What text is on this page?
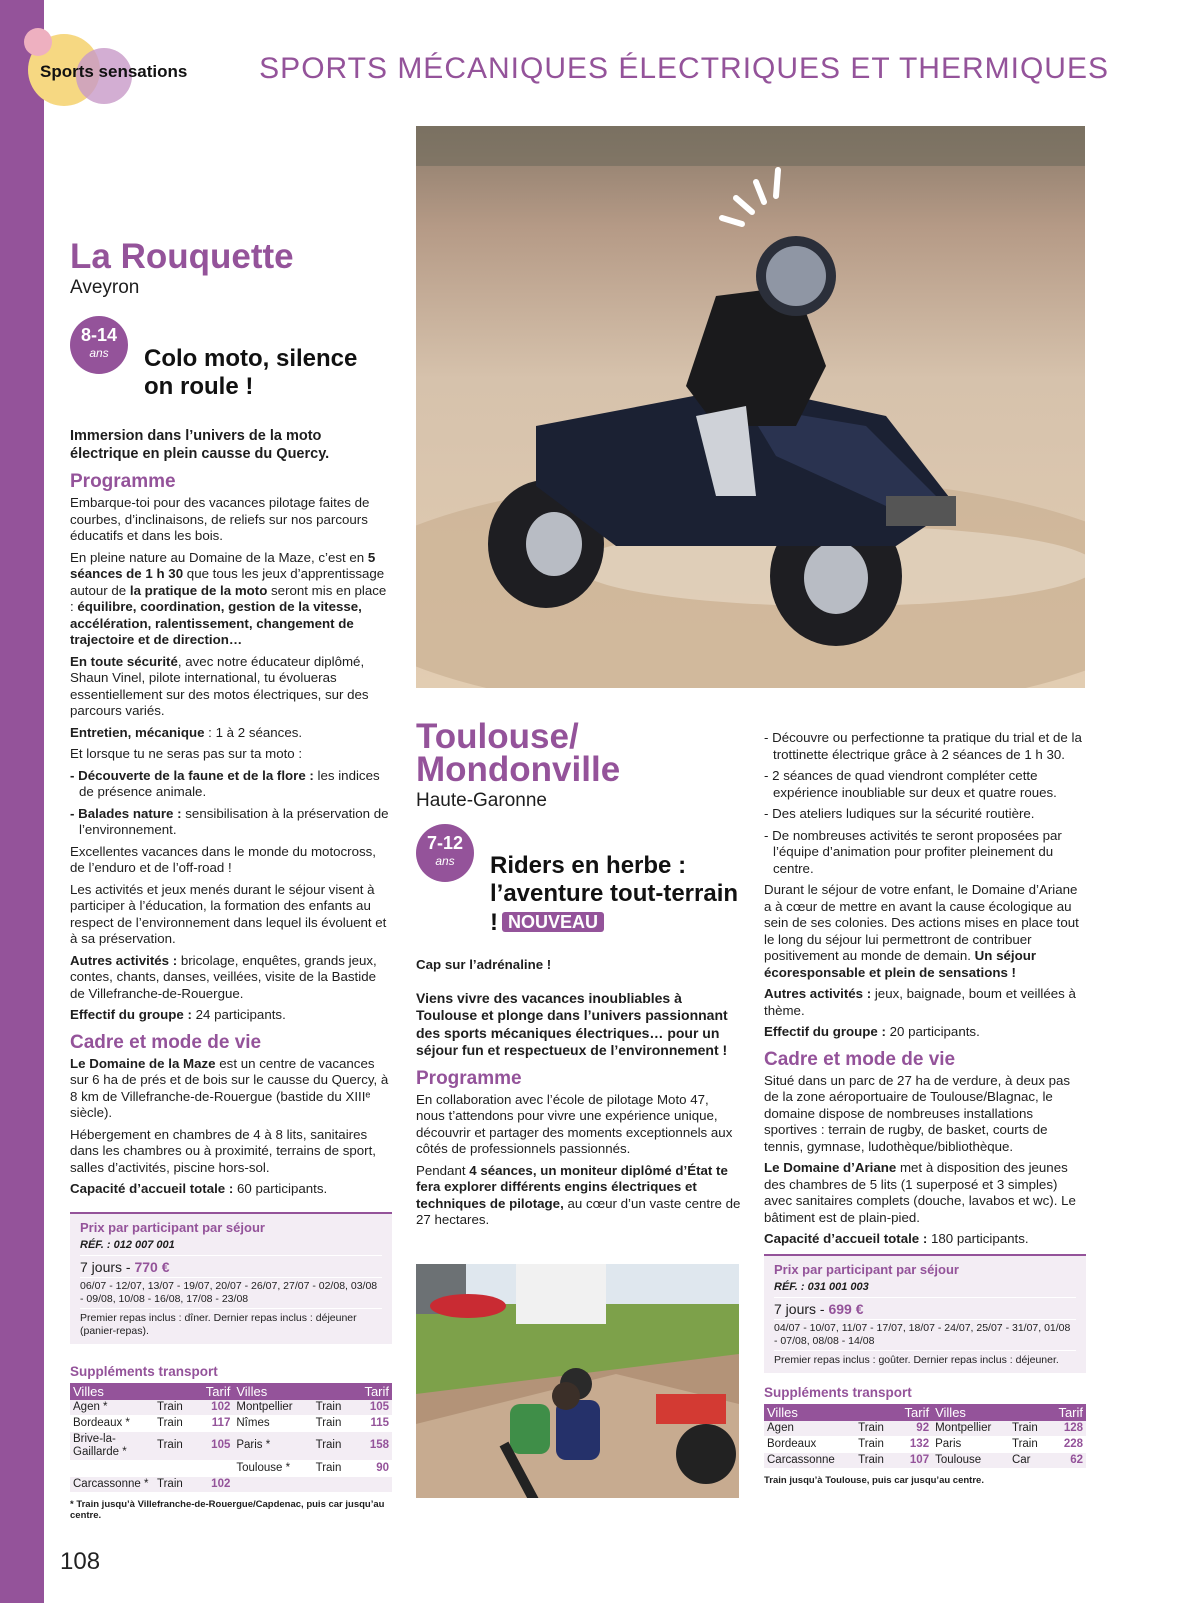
Sports sensations SPORTS MÉCANIQUES ÉLECTRIQUES ET THERMIQUES
La Rouquette
Aveyron
8-14
ans	Colo moto, silence on roule !
Immersion dans l’univers de la moto électrique en plein causse du Quercy.
Programme
Embarque-toi pour des vacances pilotage faites de courbes, d’inclinaisons, de reliefs sur nos parcours éducatifs et dans les bois.
En pleine nature au Domaine de la Maze, c’est en 5 séances de 1 h 30 que tous les jeux d’apprentissage autour de la pratique de la moto seront mis en place : équilibre, coordination, gestion de la vitesse, accélération, ralentissement, changement de trajectoire et de direction…
En toute sécurité, avec notre éducateur diplômé, Shaun Vinel, pilote international, tu évolueras essentiellement sur des motos électriques, sur des parcours variés.
Entretien, mécanique : 1 à 2 séances.
Et lorsque tu ne seras pas sur ta moto :
- Découverte de la faune et de la flore : les indices de présence animale.
- Balades nature : sensibilisation à la préservation de l’environnement.
Excellentes vacances dans le monde du motocross, de l’enduro et de l’off-road !
Les activités et jeux menés durant le séjour visent à participer à l’éducation, la formation des enfants au respect de l’environnement dans lequel ils évoluent et à sa préservation.
Autres activités : bricolage, enquêtes, grands jeux, contes, chants, danses, veillées, visite de la Bastide de Villefranche-de-Rouergue.
Effectif du groupe : 24 participants.
Cadre et mode de vie
Le Domaine de la Maze est un centre de vacances sur 6 ha de prés et de bois sur le causse du Quercy, à 8 km de Villefranche-de-Rouergue (bastide du XIIIᵉ siècle).
Hébergement en chambres de 4 à 8 lits, sanitaires dans les chambres ou à proximité, terrains de sport, salles d’activités, piscine hors-sol.
Capacité d’accueil totale : 60 participants.
Prix par participant par séjour
RÉF. : 012 007 001
7 jours - 770 €
06/07 - 12/07, 13/07 - 19/07, 20/07 - 26/07, 27/07 - 02/08, 03/08 - 09/08, 10/08 - 16/08, 17/08 - 23/08
Premier repas inclus : dîner. Dernier repas inclus : déjeuner (panier-repas).
Suppléments transport
Villes		Tarif	Villes		Tarif
Agen *	Train	102	Montpellier	Train	105
Bordeaux *	Train	117	Nîmes	Train	115
Brive-la-Gaillarde *	Train	105	Paris *	Train	158
			Toulouse *	Train	90
Carcassonne *	Train	102			
* Train jusqu’à Villefranche-de-Rouergue/Capdenac, puis car jusqu’au centre.
Toulouse/
Mondonville
Haute-Garonne
7-12
ans	Riders en herbe : l’aventure tout-terrain ! NOUVEAU
Cap sur l’adrénaline !
Viens vivre des vacances inoubliables à Toulouse et plonge dans l’univers passionnant des sports mécaniques électriques… pour un séjour fun et respectueux de l’environnement !
Programme
En collaboration avec l’école de pilotage Moto 47, nous t’attendons pour vivre une expérience unique, découvrir et partager des moments exceptionnels aux côtés de professionnels passionnés.
Pendant 4 séances, un moniteur diplômé d’État te fera explorer différents engins électriques et techniques de pilotage, au cœur d’un vaste centre de 27 hectares.
- Découvre ou perfectionne ta pratique du trial et de la trottinette électrique grâce à 2 séances de 1 h 30.
- 2 séances de quad viendront compléter cette expérience inoubliable sur deux et quatre roues.
- Des ateliers ludiques sur la sécurité routière.
- De nombreuses activités te seront proposées par l’équipe d’animation pour profiter pleinement du centre.
Durant le séjour de votre enfant, le Domaine d’Ariane a à cœur de mettre en avant la cause écologique au sein de ses colonies. Des actions mises en place tout le long du séjour lui permettront de contribuer positivement au monde de demain. Un séjour écoresponsable et plein de sensations !
Autres activités : jeux, baignade, boum et veillées à thème.
Effectif du groupe : 20 participants.
Cadre et mode de vie
Situé dans un parc de 27 ha de verdure, à deux pas de la zone aéroportuaire de Toulouse/Blagnac, le domaine dispose de nombreuses installations sportives : terrain de rugby, de basket, courts de tennis, gymnase, ludothèque/bibliothèque.
Le Domaine d’Ariane met à disposition des jeunes des chambres de 5 lits (1 superposé et 3 simples) avec sanitaires complets (douche, lavabos et wc). Le bâtiment est de plain-pied.
Capacité d’accueil totale : 180 participants.
Prix par participant par séjour
RÉF. : 031 001 003
7 jours - 699 €
04/07 - 10/07, 11/07 - 17/07, 18/07 - 24/07, 25/07 - 31/07, 01/08 - 07/08, 08/08 - 14/08
Premier repas inclus : goûter. Dernier repas inclus : déjeuner.
Suppléments transport
Villes		Tarif	Villes		Tarif
Agen	Train	92	Montpellier	Train	128
Bordeaux	Train	132	Paris	Train	228
Carcassonne	Train	107	Toulouse	Car	62
Train jusqu’à Toulouse, puis car jusqu’au centre.
108
